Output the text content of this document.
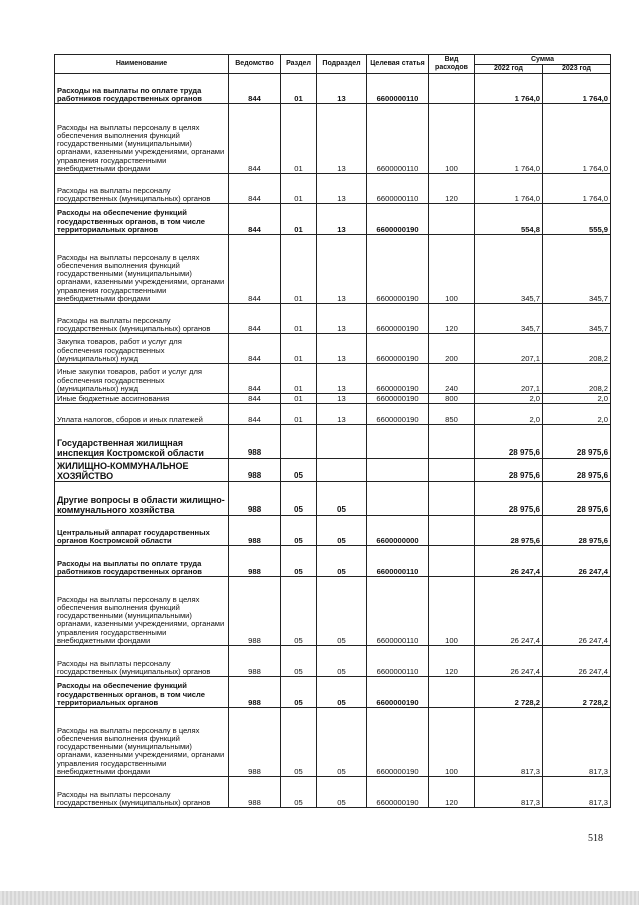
Наименование	Ведомство	Раздел	Подраздел	Целевая статья	Вид расходов	Сумма	
						2022 год	2023 год
Расходы на выплаты по оплате труда работников государственных органов	844	01	13	6600000110		1 764,0	1 764,0
Расходы на выплаты персоналу в целях обеспечения выполнения функций государственными (муниципальными) органами, казенными учреждениями, органами управления государственными внебюджетными фондами	844	01	13	6600000110	100	1 764,0	1 764,0
Расходы на выплаты персоналу государственных (муниципальных) органов	844	01	13	6600000110	120	1 764,0	1 764,0
Расходы на обеспечение функций государственных органов, в том числе территориальных органов	844	01	13	6600000190		554,8	555,9
Расходы на выплаты персоналу в целях обеспечения выполнения функций государственными (муниципальными) органами, казенными учреждениями, органами управления государственными внебюджетными фондами	844	01	13	6600000190	100	345,7	345,7
Расходы на выплаты персоналу государственных (муниципальных) органов	844	01	13	6600000190	120	345,7	345,7
Закупка товаров, работ и услуг для обеспечения государственных (муниципальных) нужд	844	01	13	6600000190	200	207,1	208,2
Иные закупки товаров, работ и услуг для обеспечения государственных (муниципальных) нужд	844	01	13	6600000190	240	207,1	208,2
Иные бюджетные ассигнования	844	01	13	6600000190	800	2,0	2,0
Уплата налогов, сборов и иных платежей	844	01	13	6600000190	850	2,0	2,0
Государственная жилищная инспекция Костромской области	988					28 975,6	28 975,6
ЖИЛИЩНО-КОММУНАЛЬНОЕ ХОЗЯЙСТВО	988	05				28 975,6	28 975,6
Другие вопросы в области жилищно-коммунального хозяйства	988	05	05			28 975,6	28 975,6
Центральный аппарат государственных органов Костромской области	988	05	05	6600000000		28 975,6	28 975,6
Расходы на выплаты по оплате труда работников государственных органов	988	05	05	6600000110		26 247,4	26 247,4
Расходы на выплаты персоналу в целях обеспечения выполнения функций государственными (муниципальными) органами, казенными учреждениями, органами управления государственными внебюджетными фондами	988	05	05	6600000110	100	26 247,4	26 247,4
Расходы на выплаты персоналу государственных (муниципальных) органов	988	05	05	6600000110	120	26 247,4	26 247,4
Расходы на обеспечение функций государственных органов, в том числе территориальных органов	988	05	05	6600000190		2 728,2	2 728,2
Расходы на выплаты персоналу в целях обеспечения выполнения функций государственными (муниципальными) органами, казенными учреждениями, органами управления государственными внебюджетными фондами	988	05	05	6600000190	100	817,3	817,3
Расходы на выплаты персоналу государственных (муниципальных) органов	988	05	05	6600000190	120	817,3	817,3
518
